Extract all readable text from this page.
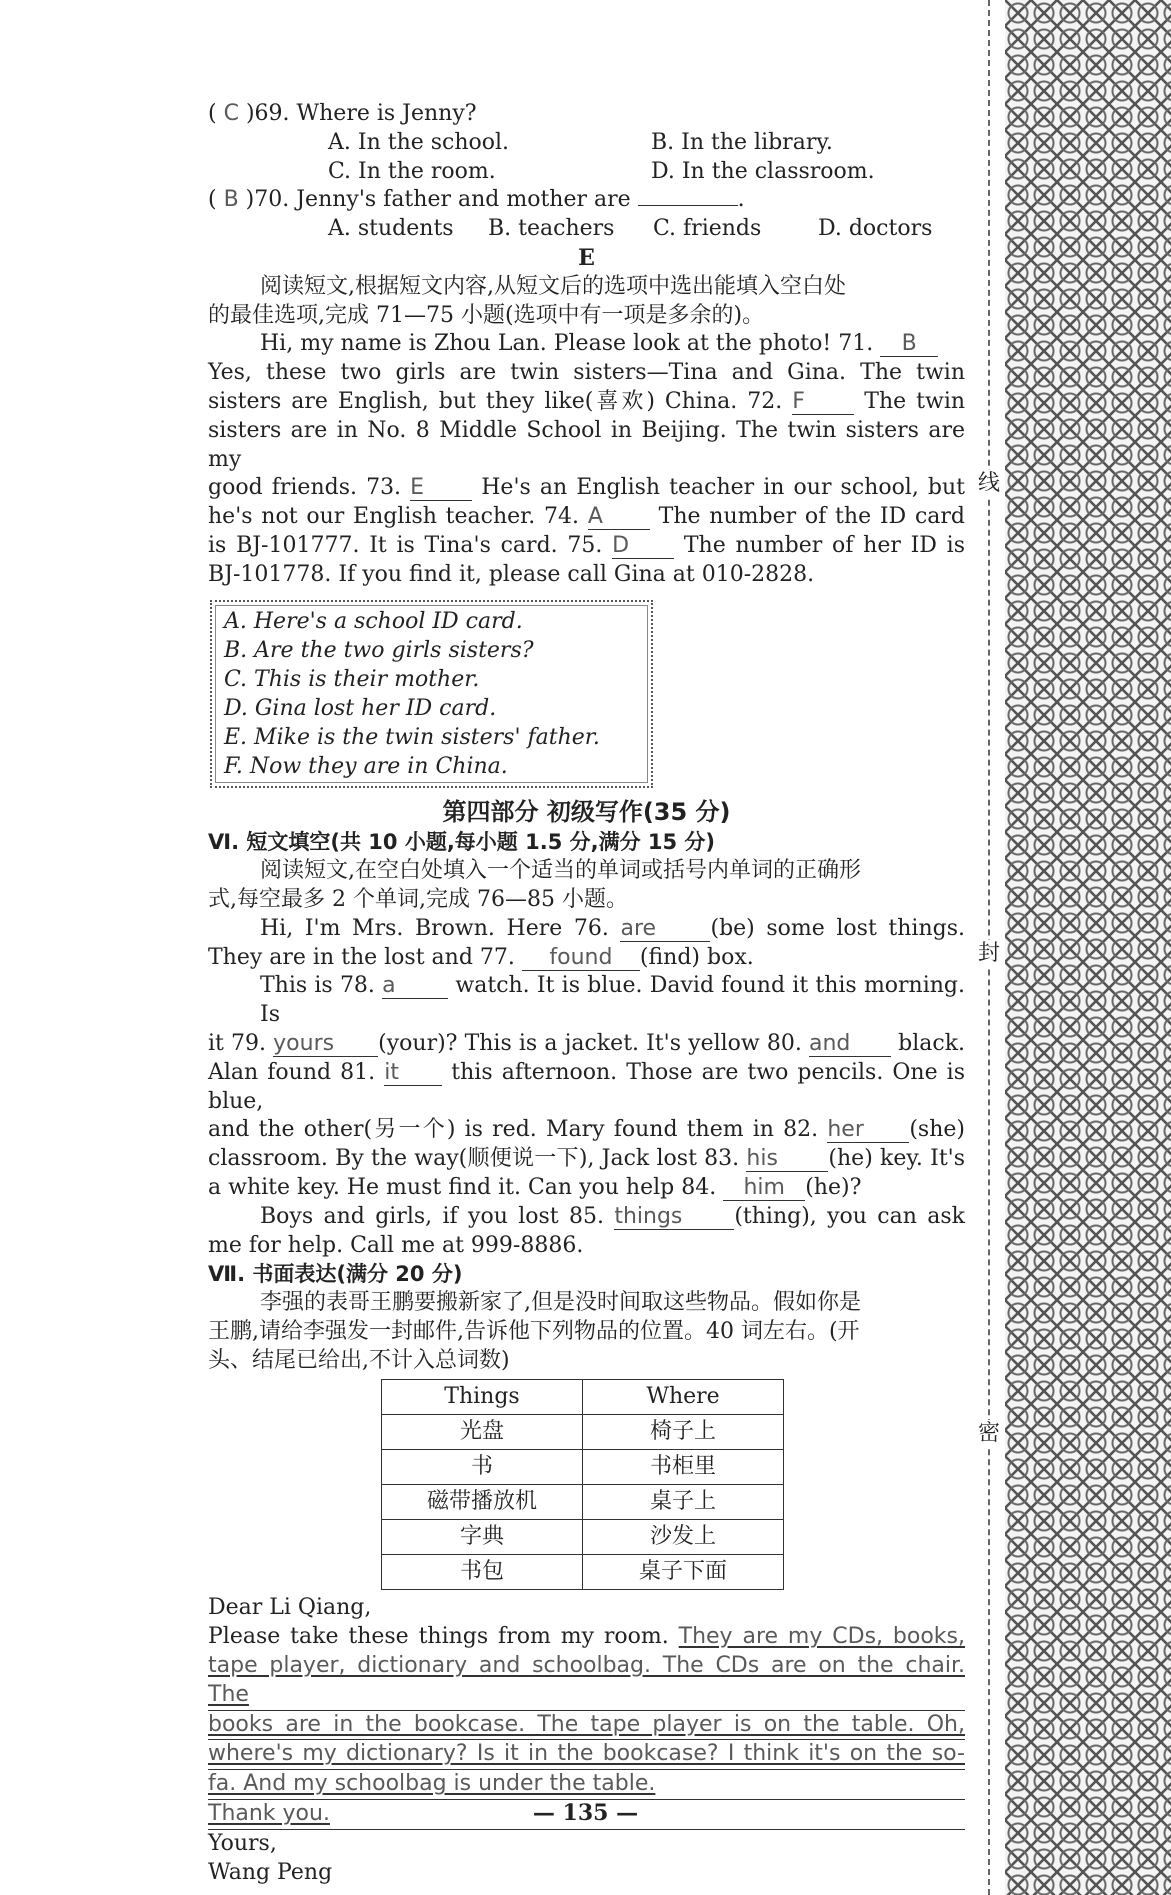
线
封
密
( C )69. Where is Jenny?
A. In the school.	B. In the library.
C. In the room.	D. In the classroom.
( B )70. Jenny's father and mother are	.
A. students B. teachers C. friends	D. doctors
E
阅读短文,根据短文内容,从短文后的选项中选出能填入空白处
的最佳选项,完成 71—75 小题(选项中有一项是多余的)。
Hi, my name is Zhou Lan. Please look at the photo! 71. B
Yes, these two girls are twin sisters—Tina and Gina. The twin
sisters are English, but they like(喜欢) China. 72. F	The twin
sisters are in No. 8 Middle School in Beijing. The twin sisters are my
good friends. 73. E	He's an English teacher in our school, but
he's not our English teacher. 74. A	The number of the ID card
is BJ-101777. It is Tina's card. 75. D The number of her ID is
BJ-101778. If you find it, please call Gina at 010-2828.
A. Here's a school ID card.
B. Are the two girls sisters?
C. This is their mother.
D. Gina lost her ID card.
E. Mike is the twin sisters' father.
F. Now they are in China.
第四部分 初级写作(35 分)
Ⅵ. 短文填空(共 10 小题,每小题 1.5 分,满分 15 分)
阅读短文,在空白处填入一个适当的单词或括号内单词的正确形
式,每空最多 2 个单词,完成 76—85 小题。
Hi, I'm Mrs. Brown. Here 76. are (be) some lost things.
They are in the lost and 77. found (find) box.
This is 78. a	watch. It is blue. David found it this morning. Is
it 79. yours (your)? This is a jacket. It's yellow 80. and black.
Alan found 81. it this afternoon. Those are two pencils. One is blue,
and the other(另一个) is red. Mary found them in 82. her (she)
classroom. By the way(顺便说一下), Jack lost 83. his (he) key. It's
a white key. He must find it. Can you help 84. him (he)?
Boys and girls, if you lost 85. things (thing), you can ask
me for help. Call me at 999-8886.
Ⅶ. 书面表达(满分 20 分)
李强的表哥王鹏要搬新家了,但是没时间取这些物品。假如你是
王鹏,请给李强发一封邮件,告诉他下列物品的位置。40 词左右。(开
头、结尾已给出,不计入总词数)
Things	Where
光盘	椅子上
书	书柜里
磁带播放机	桌子上
字典	沙发上
书包	桌子下面
Dear Li Qiang,
Please take these things from my room. They are my CDs, books,
tape player, dictionary and schoolbag. The CDs are on the chair. The
books are in the bookcase. The tape player is on the table. Oh,
where's my dictionary? Is it in the bookcase? I think it's on the so-
fa. And my schoolbag is under the table.
Thank you.
Yours,
Wang Peng
— 135 —
